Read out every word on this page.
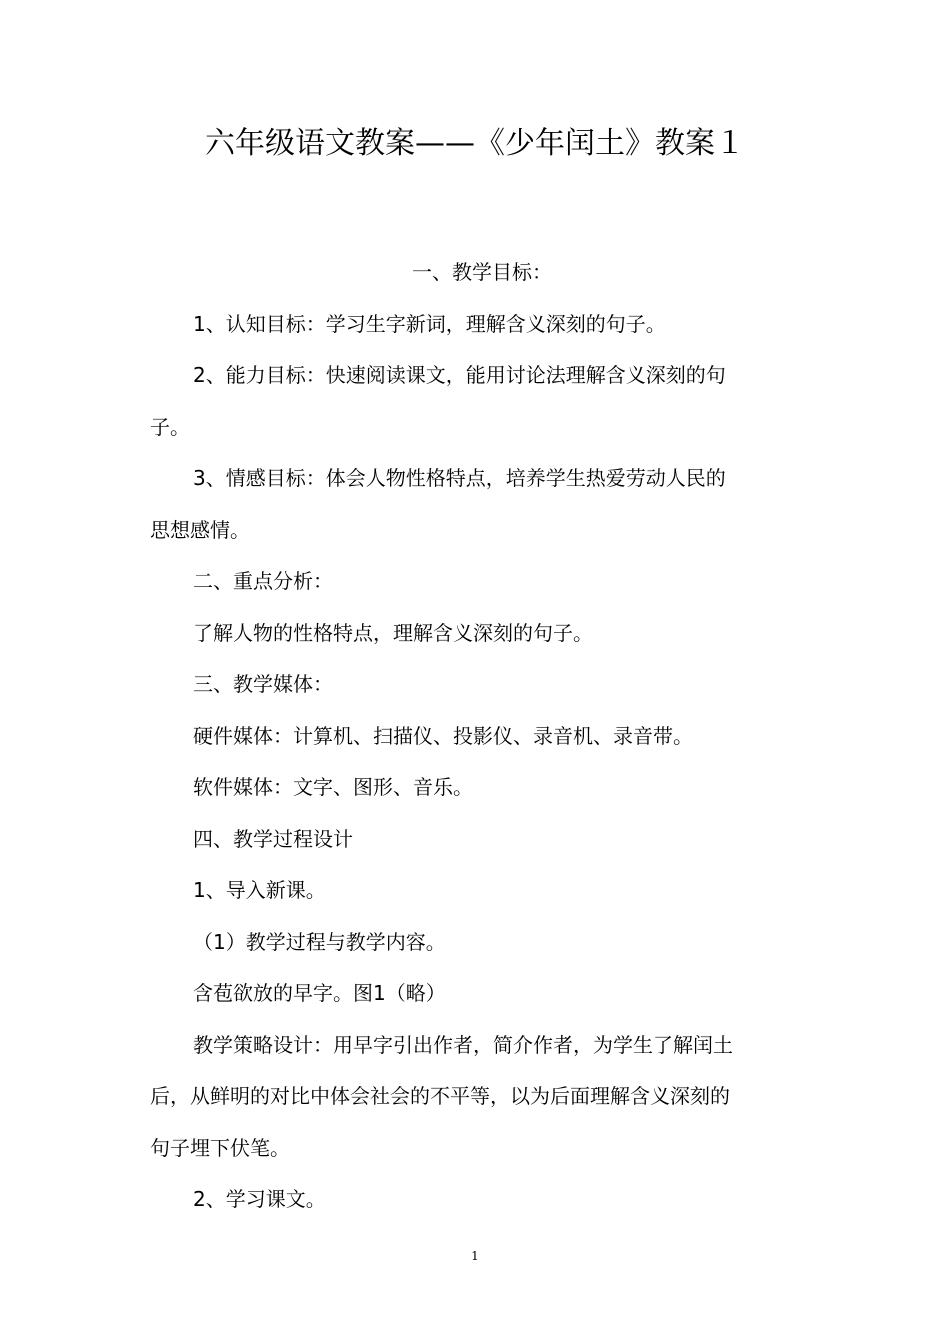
六年级语文教案——《少年闰土》教案１

一、教学目标：

1、认知目标：学习生字新词，理解含义深刻的句子。

2、能力目标：快速阅读课文，能用讨论法理解含义深刻的句

子。

3、情感目标：体会人物性格特点，培养学生热爱劳动人民的

思想感情。

二、重点分析：

了解人物的性格特点，理解含义深刻的句子。

三、教学媒体：

硬件媒体：计算机、扫描仪、投影仪、录音机、录音带。

软件媒体：文字、图形、音乐。

四、教学过程设计

1、导入新课。

（1）教学过程与教学内容。

含苞欲放的早字。图1（略）

教学策略设计：用早字引出作者，简介作者，为学生了解闰土

后，从鲜明的对比中体会社会的不平等，以为后面理解含义深刻的

句子埋下伏笔。

2、学习课文。

1
